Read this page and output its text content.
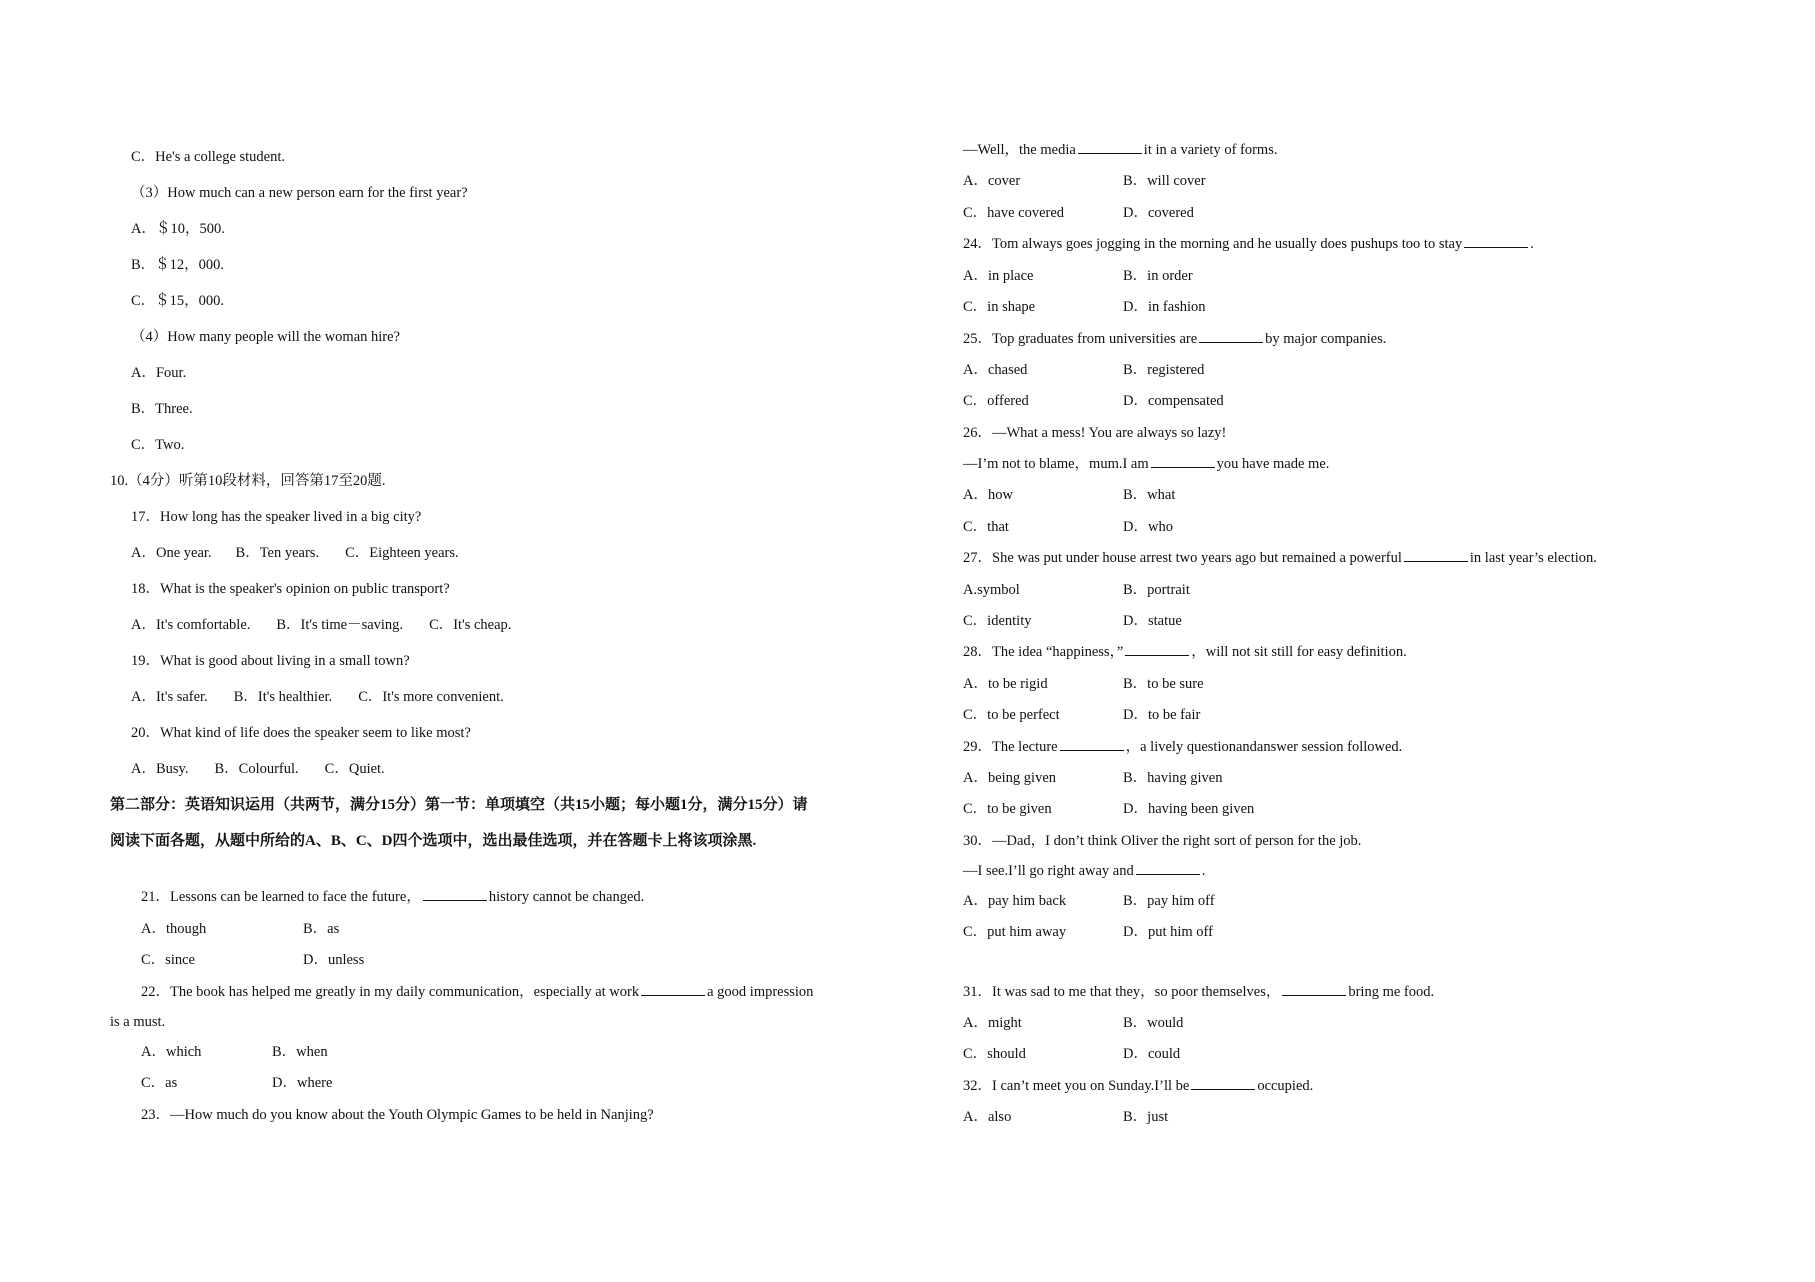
C．He's a college student.
（3）How much can a new person earn for the first year?
A．＄10，500.
B．＄12，000.
C．＄15，000.
（4）How many people will the woman hire?
A．Four.
B．Three.
C．Two.
10.（4分）听第10段材料，回答第17至20题.
17．How long has the speaker lived in a big city?
A．One year. B．Ten years. C．Eighteen years.
18．What is the speaker's opinion on public transport?
A．It's comfortable. B．It's time－saving. C．It's cheap.
19．What is good about living in a small town?
A．It's safer. B．It's healthier. C．It's more convenient.
20．What kind of life does the speaker seem to like most?
A．Busy. B．Colourful. C．Quiet.
第二部分：英语知识运用（共两节，满分15分）第一节：单项填空（共15小题；每小题1分，满分15分）请
阅读下面各题，从题中所给的A、B、C、D四个选项中，选出最佳选项，并在答题卡上将该项涂黑.
21．Lessons can be learned to face the future，	history cannot be changed.
A．though	B．as
C．since	D．unless
22．The book has helped me greatly in my daily communication，especially at work	a good impression
is a must.
A．which	B．when
C．as	D．where
23．—How much do you know about the Youth Olympic Games to be held in Nanjing?
—Well，the media	it in a variety of forms.
A．cover	B．will cover
C．have covered	D．covered
24．Tom always goes jogging in the morning and he usually does pushups too to stay	.
A．in place	B．in order
C．in shape	D．in fashion
25．Top graduates from universities are	by major companies.
A．chased	B．registered
C．offered	D．compensated
26．—What a mess! You are always so lazy!
—I’m not to blame，mum.I am	you have made me.
A．how	B．what
C．that	D．who
27．She was put under house arrest two years ago but remained a powerful	in last year’s election.
A.symbol	B．portrait
C．identity	D．statue
28．The idea “happiness，”	，will not sit still for easy definition.
A．to be rigid	B．to be sure
C．to be perfect	D．to be fair
29．The lecture	，a lively questionandanswer session followed.
A．being given	B．having given
C．to be given	D．having been given
30．—Dad，I don’t think Oliver the right sort of person for the job.
—I see.I’ll go right away and	.
A．pay him back	B．pay him off
C．put him away	D．put him off
31．It was sad to me that they，so poor themselves，	bring me food.
A．might	B．would
C．should	D．could
32．I can’t meet you on Sunday.I’ll be	occupied.
A．also	B．just
